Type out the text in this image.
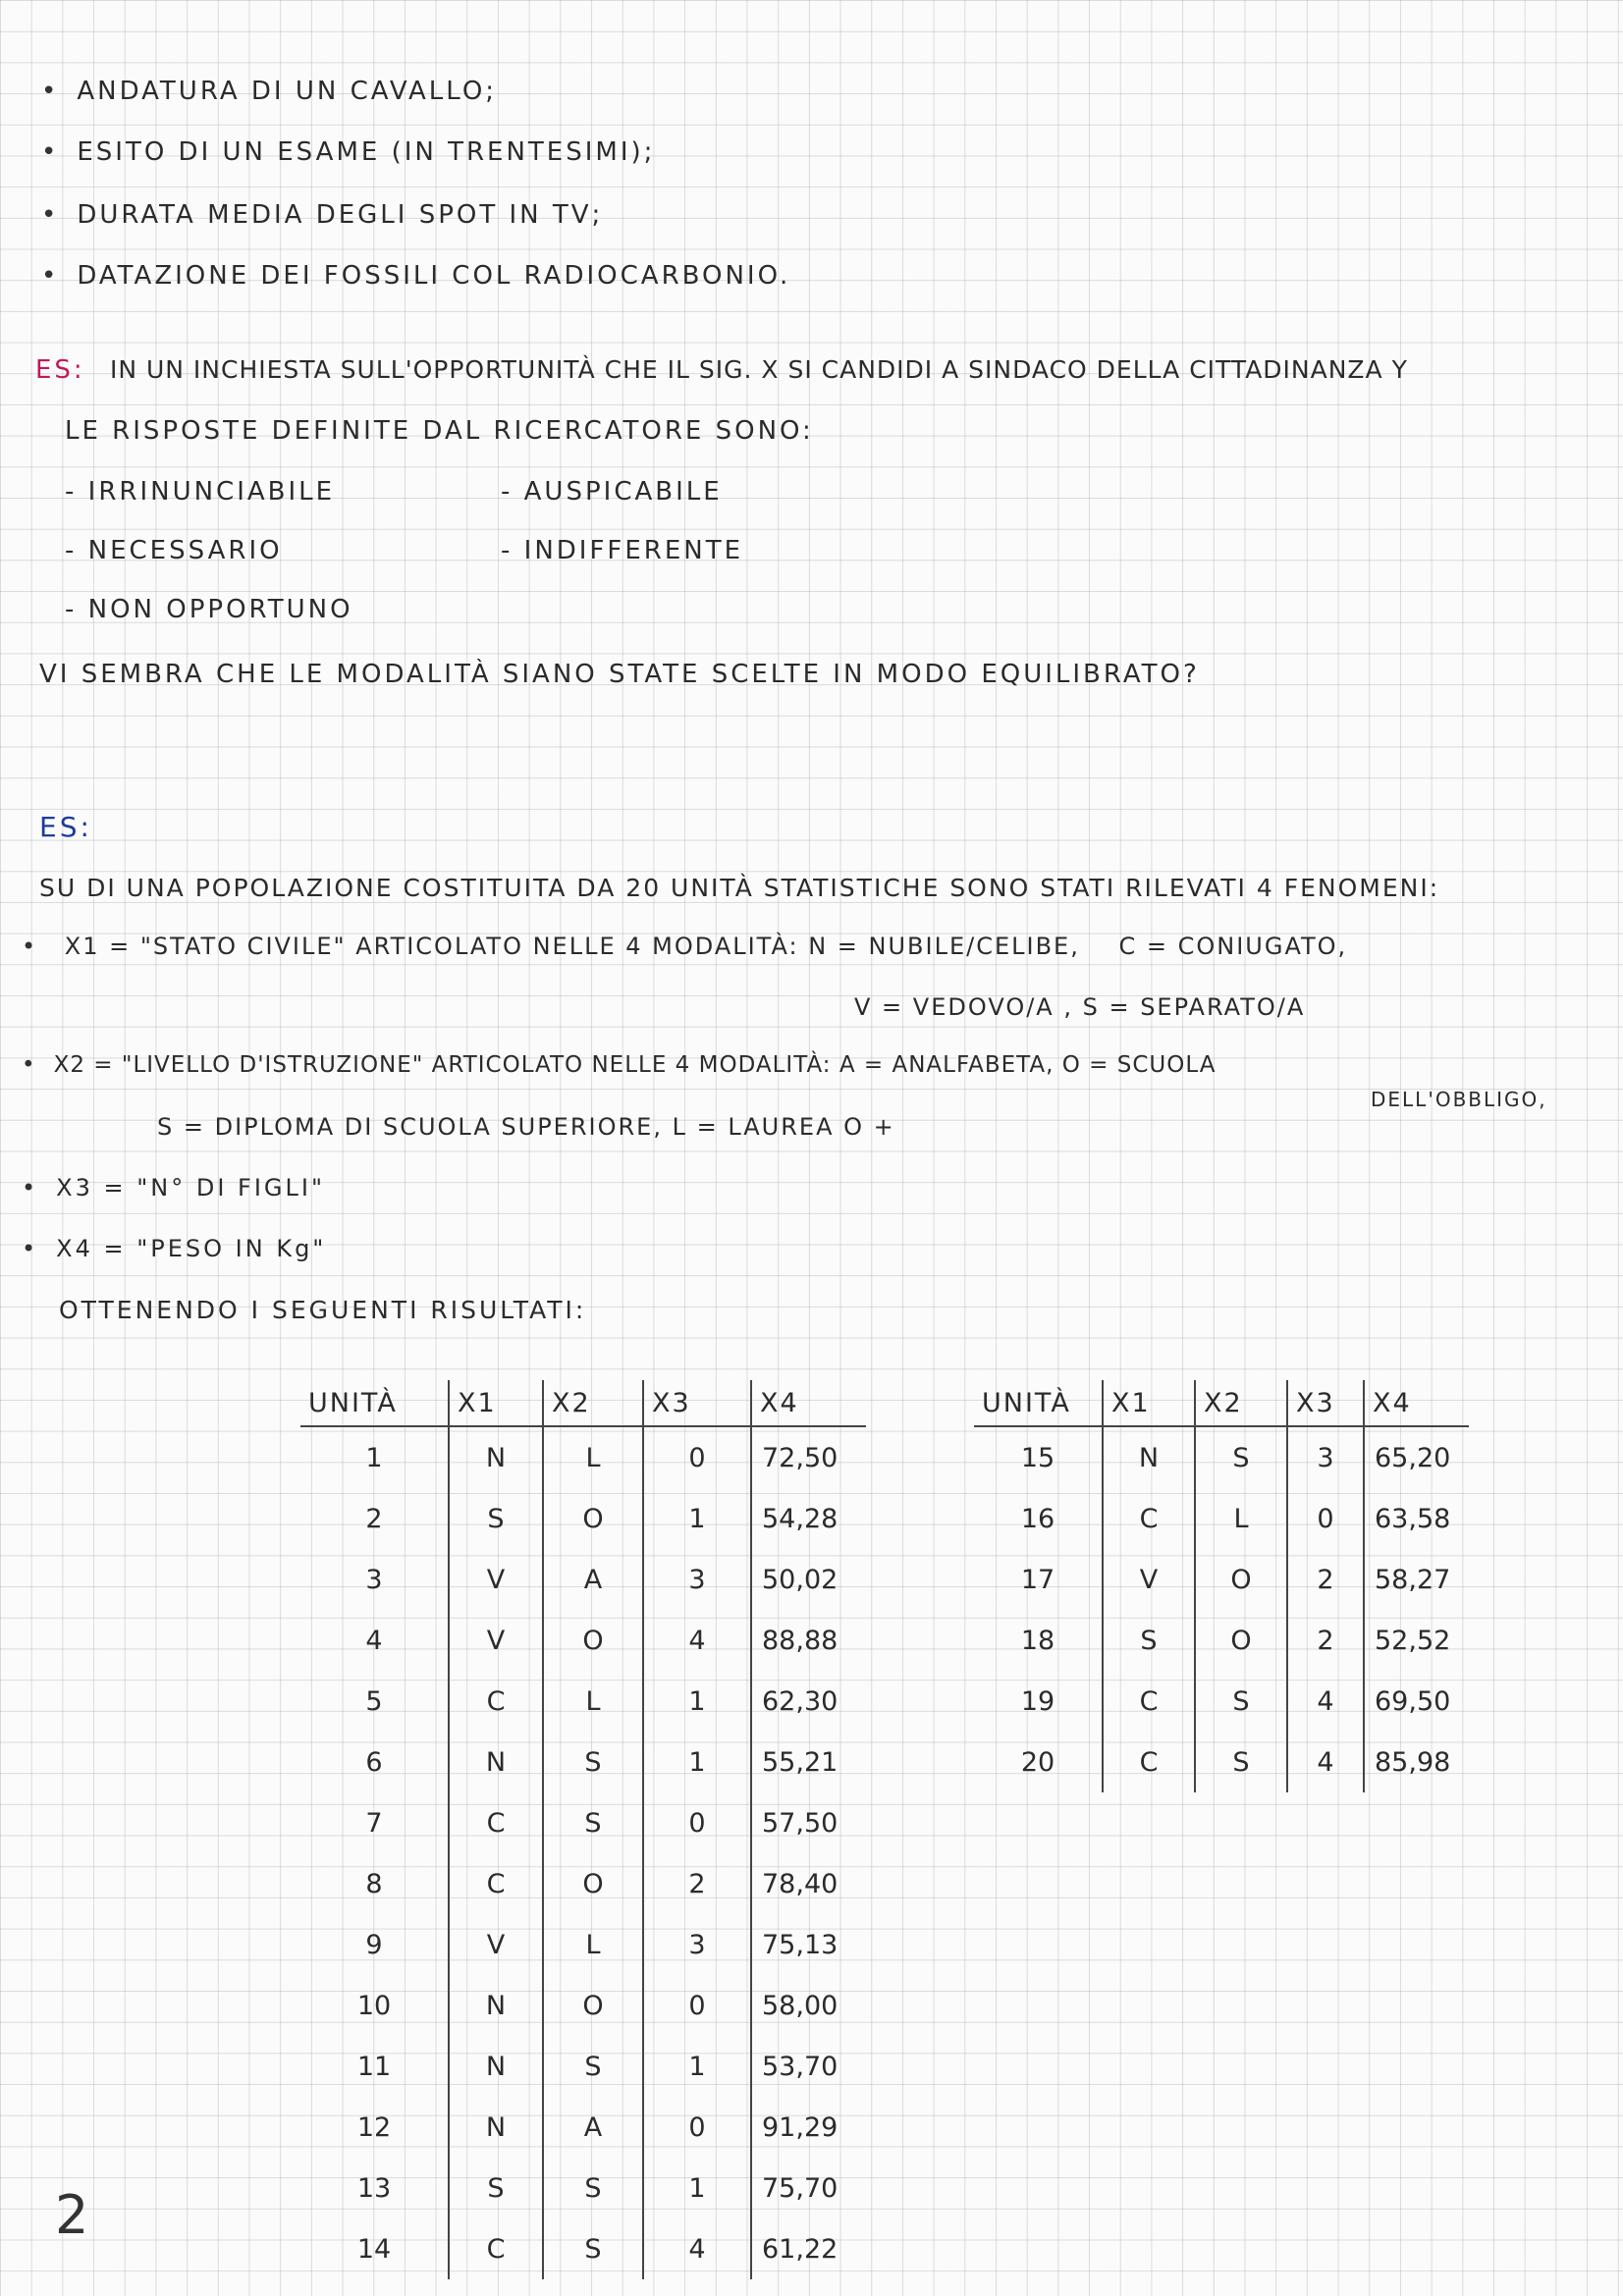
• ANDATURA DI UN CAVALLO;
• ESITO DI UN ESAME (IN TRENTESIMI);
• DURATA MEDIA DEGLI SPOT IN TV;
• DATAZIONE DEI FOSSILI COL RADIOCARBONIO.
ES: IN UN INCHIESTA SULL'OPPORTUNITÀ CHE IL SIG. X SI CANDIDI A SINDACO DELLA CITTADINANZA Y
LE RISPOSTE DEFINITE DAL RICERCATORE SONO:
- IRRINUNCIABILE	- AUSPICABILE
- NECESSARIO	- INDIFFERENTE
- NON OPPORTUNO
VI SEMBRA CHE LE MODALITÀ SIANO STATE SCELTE IN MODO EQUILIBRATO?
ES:
SU DI UNA POPOLAZIONE COSTITUITA DA 20 UNITÀ STATISTICHE SONO STATI RILEVATI 4 FENOMENI:
• X1 = "STATO CIVILE" ARTICOLATO NELLE 4 MODALITÀ: N = NUBILE/CELIBE, C = CONIUGATO,
V = VEDOVO/A , S = SEPARATO/A
• X2 = "LIVELLO D'ISTRUZIONE" ARTICOLATO NELLE 4 MODALITÀ: A = ANALFABETA, O = SCUOLA
DELL'OBBLIGO,
S = DIPLOMA DI SCUOLA SUPERIORE, L = LAUREA O +
• X3 = "N° DI FIGLI"
• X4 = "PESO IN Kg"
OTTENENDO I SEGUENTI RISULTATI:
UNITÀ	X1	X2	X3	X4
1	N	L	0	72,50
2	S	O	1	54,28
3	V	A	3	50,02
4	V	O	4	88,88
5	C	L	1	62,30
6	N	S	1	55,21
7	C	S	0	57,50
8	C	O	2	78,40
9	V	L	3	75,13
10	N	O	0	58,00
11	N	S	1	53,70
12	N	A	0	91,29
13	S	S	1	75,70
14	C	S	4	61,22
UNITÀ	X1	X2	X3	X4
15	N	S	3	65,20
16	C	L	0	63,58
17	V	O	2	58,27
18	S	O	2	52,52
19	C	S	4	69,50
20	C	S	4	85,98
2
